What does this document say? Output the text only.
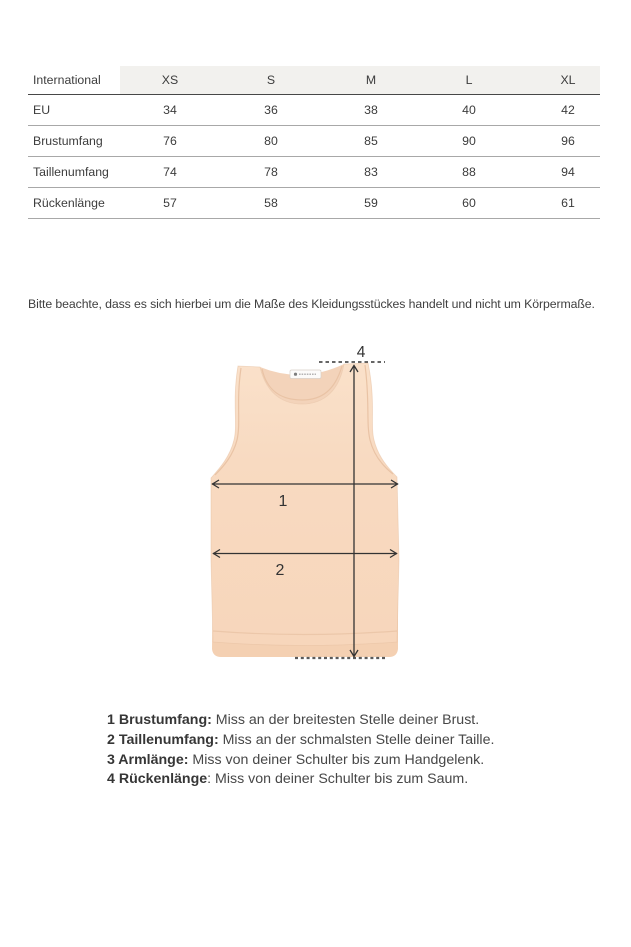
International	XS	S	M	L	XL
EU	34	36	38	40	42
Brustumfang	76	80	85	90	96
Taillenumfang	74	78	83	88	94
Rückenlänge	57	58	59	60	61
Bitte beachte, dass es sich hierbei um die Maße des Kleidungsstückes handelt und nicht um Körpermaße.
4
1
2
1 Brustumfang: Miss an der breitesten Stelle deiner Brust.
2 Taillenumfang: Miss an der schmalsten Stelle deiner Taille.
3 Armlänge: Miss von deiner Schulter bis zum Handgelenk.
4 Rückenlänge: Miss von deiner Schulter bis zum Saum.
